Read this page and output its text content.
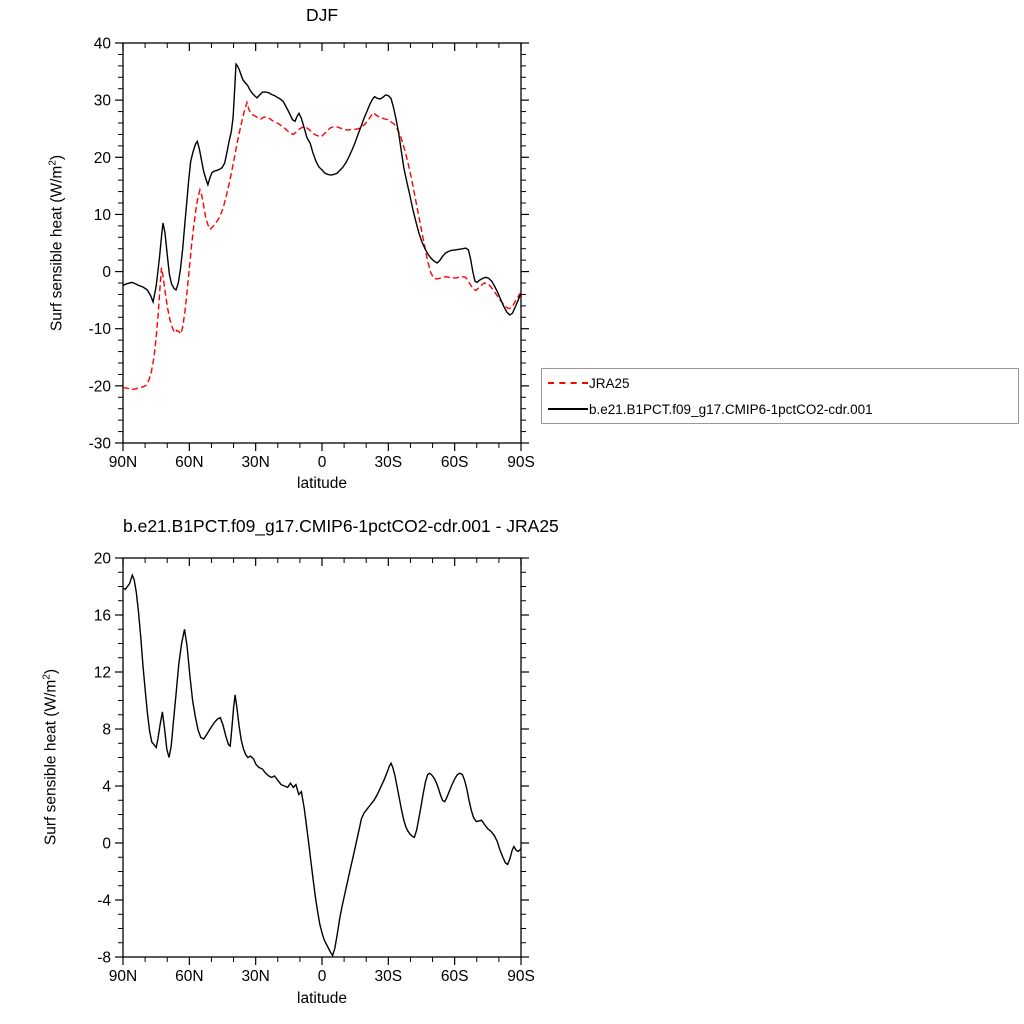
DJF
Surf sensible heat $(W/m^2)$
90N 60N 30N	0	30S 60S 90S
40
30
20
10
0
-10
-20
-30
latitude
JRA25
b.e21.B1PCT.f09_g17.CMIP6-1pctCO2-cdr.001
b.e21.B1PCT.f09_g17.CMIP6-1pctCO2-cdr.001 - JRA25
Surf sensible heat $(W/m^2)$
90N 60N 30N	0	30S 60S 90S
20
16
12
8
4
0
-4
-8
latitude
